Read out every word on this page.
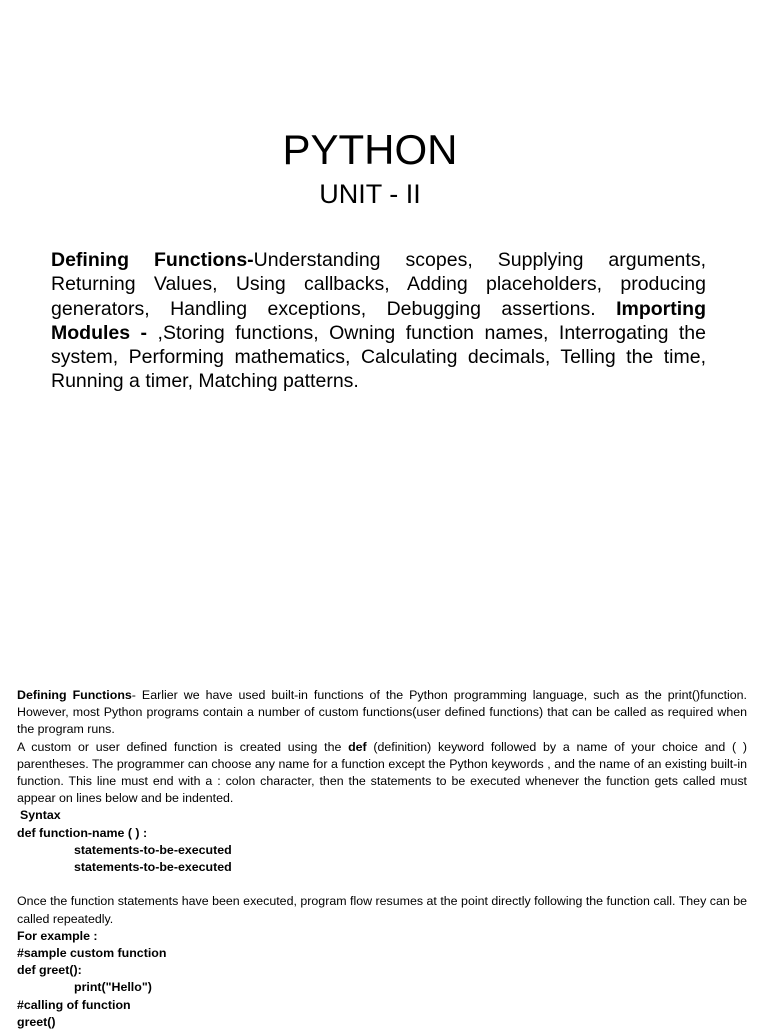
PYTHON
UNIT - II
Defining Functions-Understanding scopes, Supplying arguments, Returning Values, Using callbacks, Adding placeholders, producing generators, Handling exceptions, Debugging assertions. Importing Modules - ,Storing functions, Owning function names, Interrogating the system, Performing mathematics, Calculating decimals, Telling the time, Running a timer, Matching patterns.
Defining Functions- Earlier we have used built-in functions of the Python programming language, such as the print()function. However, most Python programs contain a number of custom functions(user defined functions) that can be called as required when the program runs.
A custom or user defined function is created using the def (definition) keyword followed by a name of your choice and ( ) parentheses. The programmer can choose any name for a function except the Python keywords , and the name of an existing built-in function. This line must end with a : colon character, then the statements to be executed whenever the function gets called must appear on lines below and be indented.
Syntax
def function-name ( ) :
statements-to-be-executed
statements-to-be-executed
Once the function statements have been executed, program flow resumes at the point directly following the function call. They can be called repeatedly.
For example :
#sample custom function
def greet():
print("Hello")
#calling of function
greet()
